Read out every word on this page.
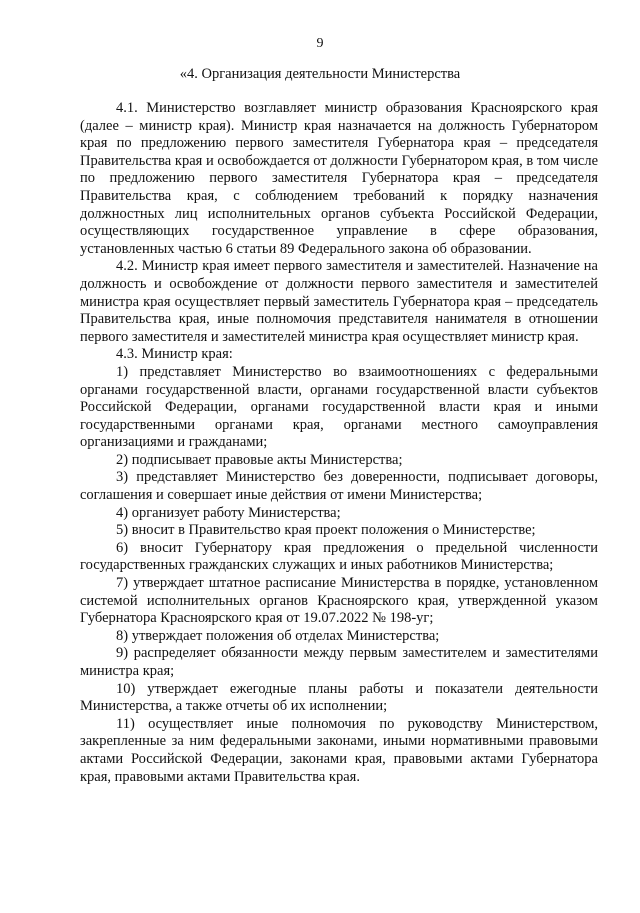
9
«4. Организация деятельности Министерства

4.1. Министерство возглавляет министр образования Красноярского края (далее – министр края). Министр края назначается на должность Губернатором края по предложению первого заместителя Губернатора края – председателя Правительства края и освобождается от должности Губернатором края, в том числе по предложению первого заместителя Губернатора края – председателя Правительства края, с соблюдением требований к порядку назначения должностных лиц исполнительных органов субъекта Российской Федерации, осуществляющих государственное управление в сфере образования, установленных частью 6 статьи 89 Федерального закона об образовании.

4.2. Министр края имеет первого заместителя и заместителей. Назначение на должность и освобождение от должности первого заместителя и заместителей министра края осуществляет первый заместитель Губернатора края – председатель Правительства края, иные полномочия представителя нанимателя в отношении первого заместителя и заместителей министра края осуществляет министр края.

4.3. Министр края:

1) представляет Министерство во взаимоотношениях с федеральными органами государственной власти, органами государственной власти субъектов Российской Федерации, органами государственной власти края и иными государственными органами края, органами местного самоуправления организациями и гражданами;

2) подписывает правовые акты Министерства;

3) представляет Министерство без доверенности, подписывает договоры, соглашения и совершает иные действия от имени Министерства;

4) организует работу Министерства;

5) вносит в Правительство края проект положения о Министерстве;

6) вносит Губернатору края предложения о предельной численности государственных гражданских служащих и иных работников Министерства;

7) утверждает штатное расписание Министерства в порядке, установленном системой исполнительных органов Красноярского края, утвержденной указом Губернатора Красноярского края от 19.07.2022 № 198-уг;

8) утверждает положения об отделах Министерства;

9) распределяет обязанности между первым заместителем и заместителями министра края;

10) утверждает ежегодные планы работы и показатели деятельности Министерства, а также отчеты об их исполнении;

11) осуществляет иные полномочия по руководству Министерством, закрепленные за ним федеральными законами, иными нормативными правовыми актами Российской Федерации, законами края, правовыми актами Губернатора края, правовыми актами Правительства края.
